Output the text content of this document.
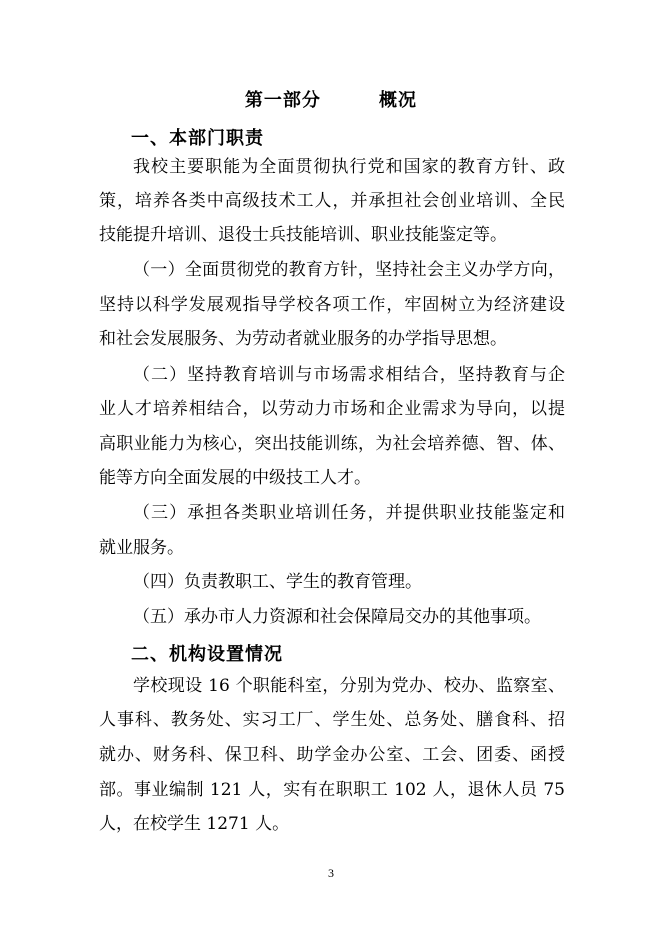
第一部分        概况
一、本部门职责
我校主要职能为全面贯彻执行党和国家的教育方针、政
策，培养各类中高级技术工人，并承担社会创业培训、全民
技能提升培训、退役士兵技能培训、职业技能鉴定等。
（一）全面贯彻党的教育方针，坚持社会主义办学方向，
坚持以科学发展观指导学校各项工作，牢固树立为经济建设
和社会发展服务、为劳动者就业服务的办学指导思想。
（二）坚持教育培训与市场需求相结合，坚持教育与企
业人才培养相结合，以劳动力市场和企业需求为导向，以提
高职业能力为核心，突出技能训练，为社会培养德、智、体、
能等方向全面发展的中级技工人才。
（三）承担各类职业培训任务，并提供职业技能鉴定和
就业服务。
（四）负责教职工、学生的教育管理。
（五）承办市人力资源和社会保障局交办的其他事项。
二、机构设置情况
学校现设 16 个职能科室，分别为党办、校办、监察室、
人事科、教务处、实习工厂、学生处、总务处、膳食科、招
就办、财务科、保卫科、助学金办公室、工会、团委、函授
部。事业编制 121 人，实有在职职工 102 人，退休人员 75
人，在校学生 1271 人。
3
